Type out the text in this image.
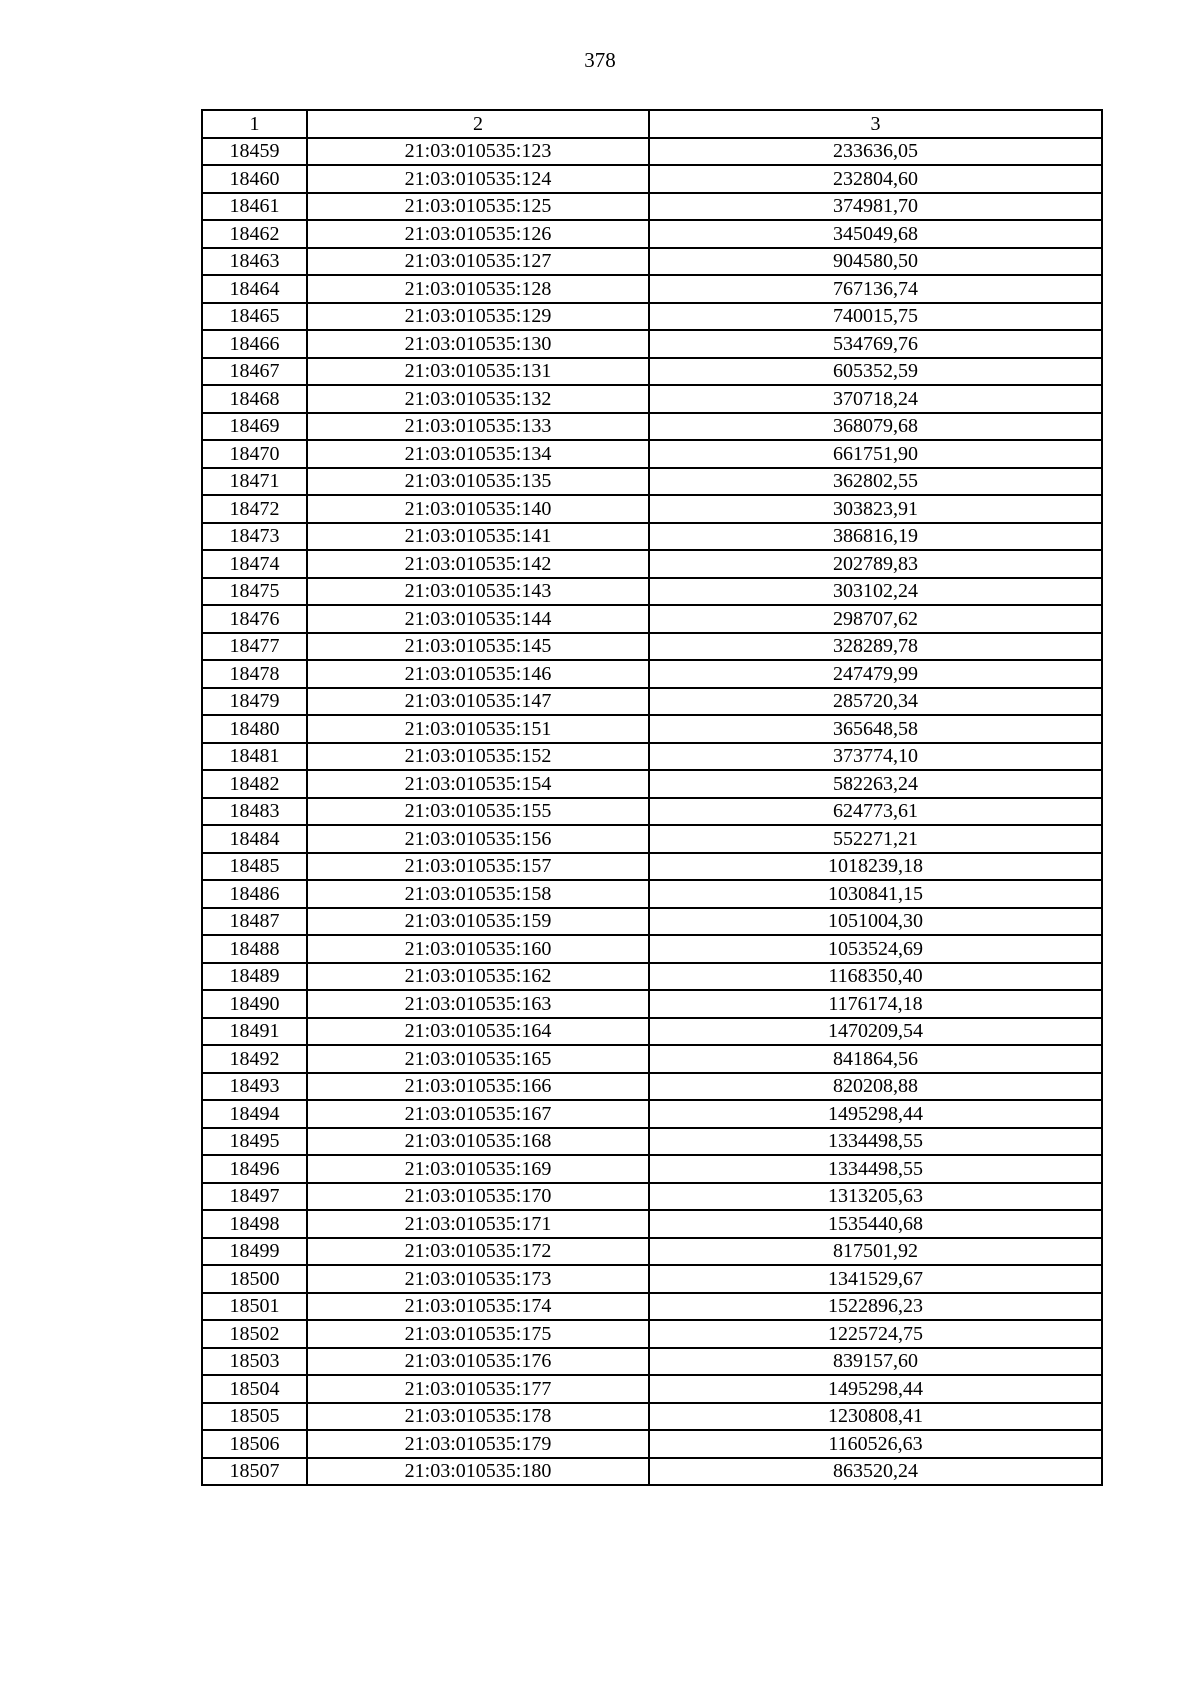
378
1	2	3
18459	21:03:010535:123	233636,05
18460	21:03:010535:124	232804,60
18461	21:03:010535:125	374981,70
18462	21:03:010535:126	345049,68
18463	21:03:010535:127	904580,50
18464	21:03:010535:128	767136,74
18465	21:03:010535:129	740015,75
18466	21:03:010535:130	534769,76
18467	21:03:010535:131	605352,59
18468	21:03:010535:132	370718,24
18469	21:03:010535:133	368079,68
18470	21:03:010535:134	661751,90
18471	21:03:010535:135	362802,55
18472	21:03:010535:140	303823,91
18473	21:03:010535:141	386816,19
18474	21:03:010535:142	202789,83
18475	21:03:010535:143	303102,24
18476	21:03:010535:144	298707,62
18477	21:03:010535:145	328289,78
18478	21:03:010535:146	247479,99
18479	21:03:010535:147	285720,34
18480	21:03:010535:151	365648,58
18481	21:03:010535:152	373774,10
18482	21:03:010535:154	582263,24
18483	21:03:010535:155	624773,61
18484	21:03:010535:156	552271,21
18485	21:03:010535:157	1018239,18
18486	21:03:010535:158	1030841,15
18487	21:03:010535:159	1051004,30
18488	21:03:010535:160	1053524,69
18489	21:03:010535:162	1168350,40
18490	21:03:010535:163	1176174,18
18491	21:03:010535:164	1470209,54
18492	21:03:010535:165	841864,56
18493	21:03:010535:166	820208,88
18494	21:03:010535:167	1495298,44
18495	21:03:010535:168	1334498,55
18496	21:03:010535:169	1334498,55
18497	21:03:010535:170	1313205,63
18498	21:03:010535:171	1535440,68
18499	21:03:010535:172	817501,92
18500	21:03:010535:173	1341529,67
18501	21:03:010535:174	1522896,23
18502	21:03:010535:175	1225724,75
18503	21:03:010535:176	839157,60
18504	21:03:010535:177	1495298,44
18505	21:03:010535:178	1230808,41
18506	21:03:010535:179	1160526,63
18507	21:03:010535:180	863520,24
